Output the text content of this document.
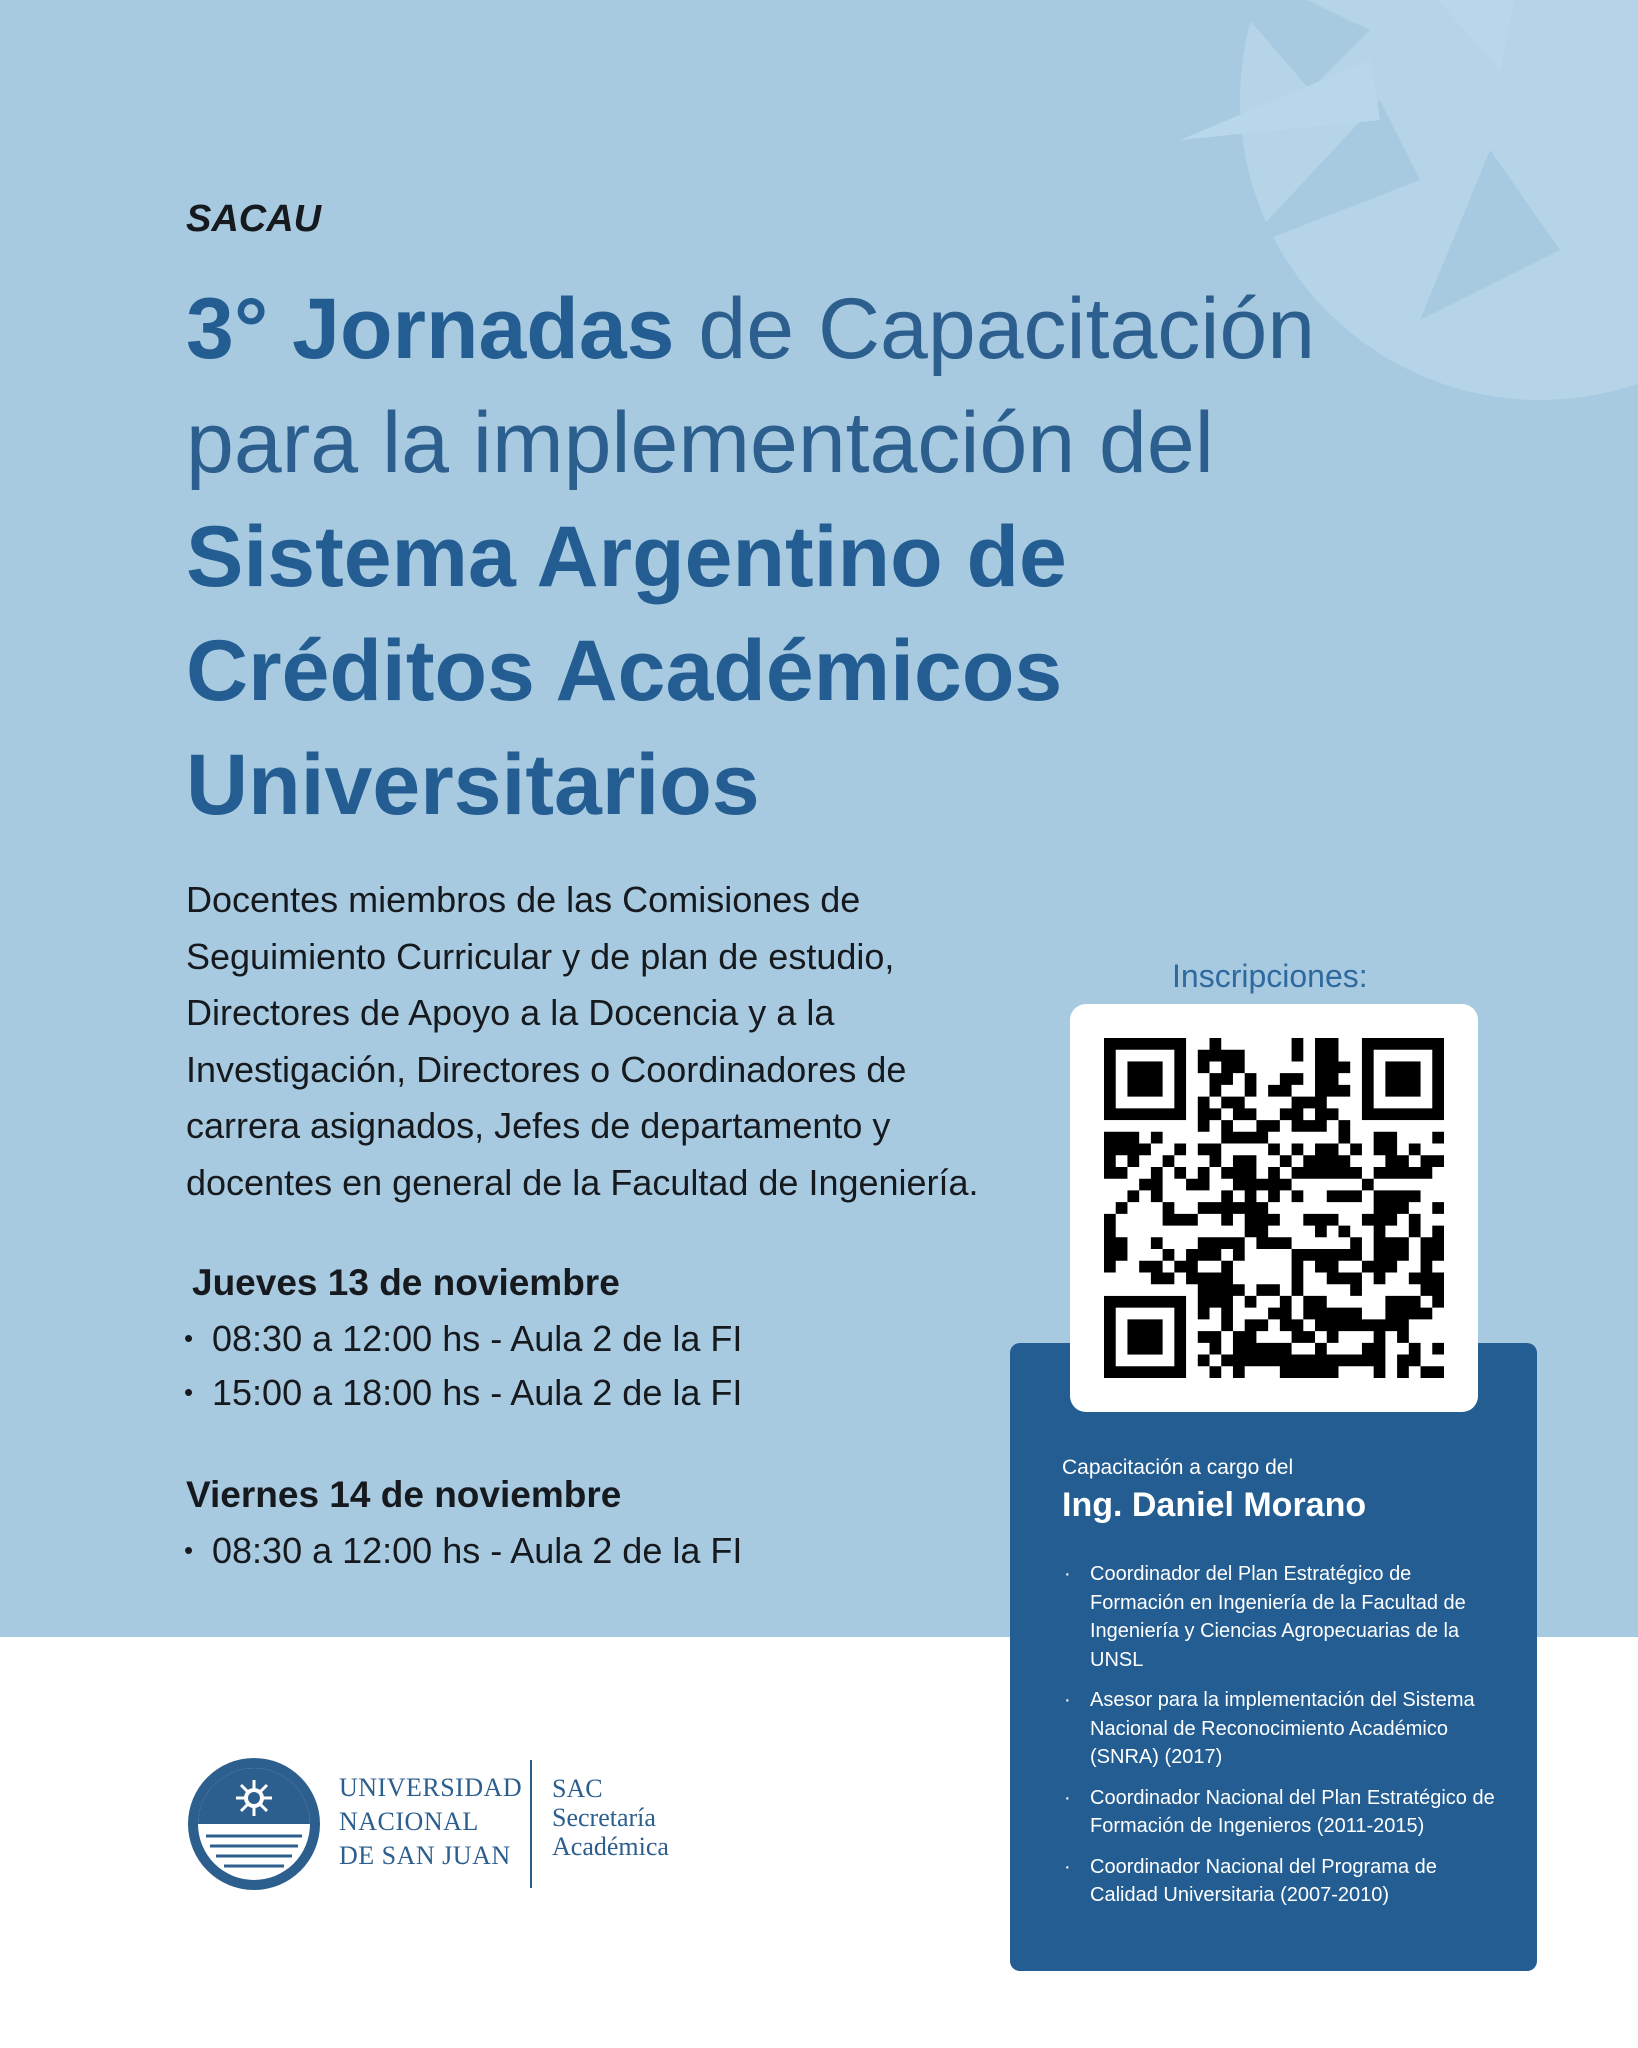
SACAU
3° Jornadas de Capacitación
para la implementación del
Sistema Argentino de
Créditos Académicos
Universitarios
Docentes miembros de las Comisiones de
Seguimiento Curricular y de plan de estudio,
Directores de Apoyo a la Docencia y a la
Investigación, Directores o Coordinadores de
carrera asignados, Jefes de departamento y
docentes en general de la Facultad de Ingeniería.
Jueves 13 de noviembre
• 08:30 a 12:00 hs - Aula 2 de la FI
• 15:00 a 18:00 hs - Aula 2 de la FI
Viernes 14 de noviembre
• 08:30 a 12:00 hs - Aula 2 de la FI
Inscripciones:
Capacitación a cargo del
Ing. Daniel Morano
· Coordinador del Plan Estratégico de Formación en Ingeniería de la Facultad de Ingeniería y Ciencias Agropecuarias de la UNSL
· Asesor para la implementación del Sistema Nacional de Reconocimiento Académico (SNRA) (2017)
· Coordinador Nacional del Plan Estratégico de Formación de Ingenieros (2011-2015)
· Coordinador Nacional del Programa de Calidad Universitaria (2007-2010)
UNIVERSIDAD
NACIONAL
DE SAN JUAN
SAC
Secretaría
Académica
